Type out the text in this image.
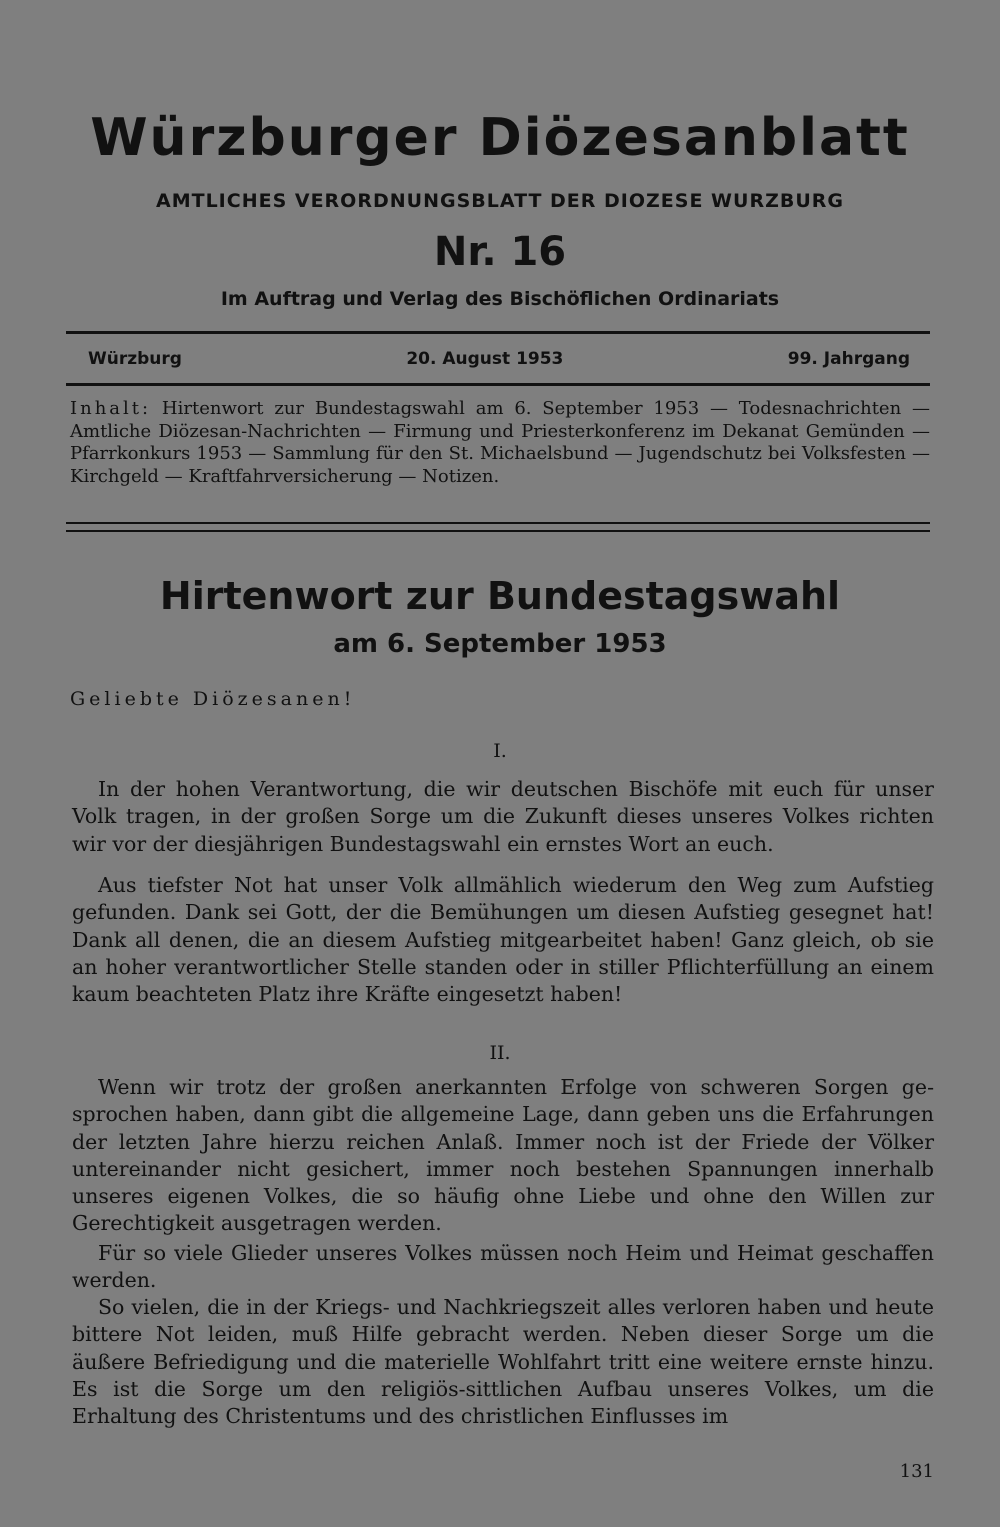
Würzburger Diözesanblatt
AMTLICHES VERORDNUNGSBLATT DER DIOZESE WURZBURG
Nr. 16
Im Auftrag und Verlag des Bischöflichen Ordinariats
Würzburg	20. August 1953	99. Jahrgang
Inhalt: Hirtenwort zur Bundestagswahl am 6. September 1953 — Todesnachrichten — Amtliche Diözesan-Nachrichten — Firmung und Priesterkonferenz im Dekanat Gemünden — Pfarrkonkurs 1953 — Sammlung für den St. Michaelsbund — Jugendschutz bei Volksfesten — Kirchgeld — Kraftfahrversicherung — Notizen.
Hirtenwort zur Bundestagswahl
am 6. September 1953
Geliebte Diözesanen!
I.

In der hohen Verantwortung, die wir deutschen Bischöfe mit euch für unser Volk tragen, in der großen Sorge um die Zukunft dieses unseres Volkes richten wir vor der diesjährigen Bundestagswahl ein ernstes Wort an euch.

Aus tiefster Not hat unser Volk allmählich wiederum den Weg zum Aufstieg gefunden. Dank sei Gott, der die Bemühungen um diesen Aufstieg gesegnet hat! Dank all denen, die an diesem Aufstieg mitgearbeitet haben! Ganz gleich, ob sie an hoher verantwortlicher Stelle standen oder in stiller Pflichterfüllung an einem kaum beachteten Platz ihre Kräfte eingesetzt haben!

II.

Wenn wir trotz der großen anerkannten Erfolge von schweren Sorgen gesprochen haben, dann gibt die allgemeine Lage, dann geben uns die Erfahrungen der letzten Jahre hierzu reichen Anlaß. Immer noch ist der Friede der Völker untereinander nicht gesichert, immer noch bestehen Spannungen innerhalb unseres eigenen Volkes, die so häufig ohne Liebe und ohne den Willen zur Gerechtigkeit ausgetragen werden.

Für so viele Glieder unseres Volkes müssen noch Heim und Heimat geschaffen werden.

So vielen, die in der Kriegs- und Nachkriegszeit alles verloren haben und heute bittere Not leiden, muß Hilfe gebracht werden. Neben dieser Sorge um die äußere Befriedigung und die materielle Wohlfahrt tritt eine weitere ernste hinzu. Es ist die Sorge um den religiös-sittlichen Aufbau unseres Volkes, um die Erhaltung des Christentums und des christlichen Einflusses im

131
